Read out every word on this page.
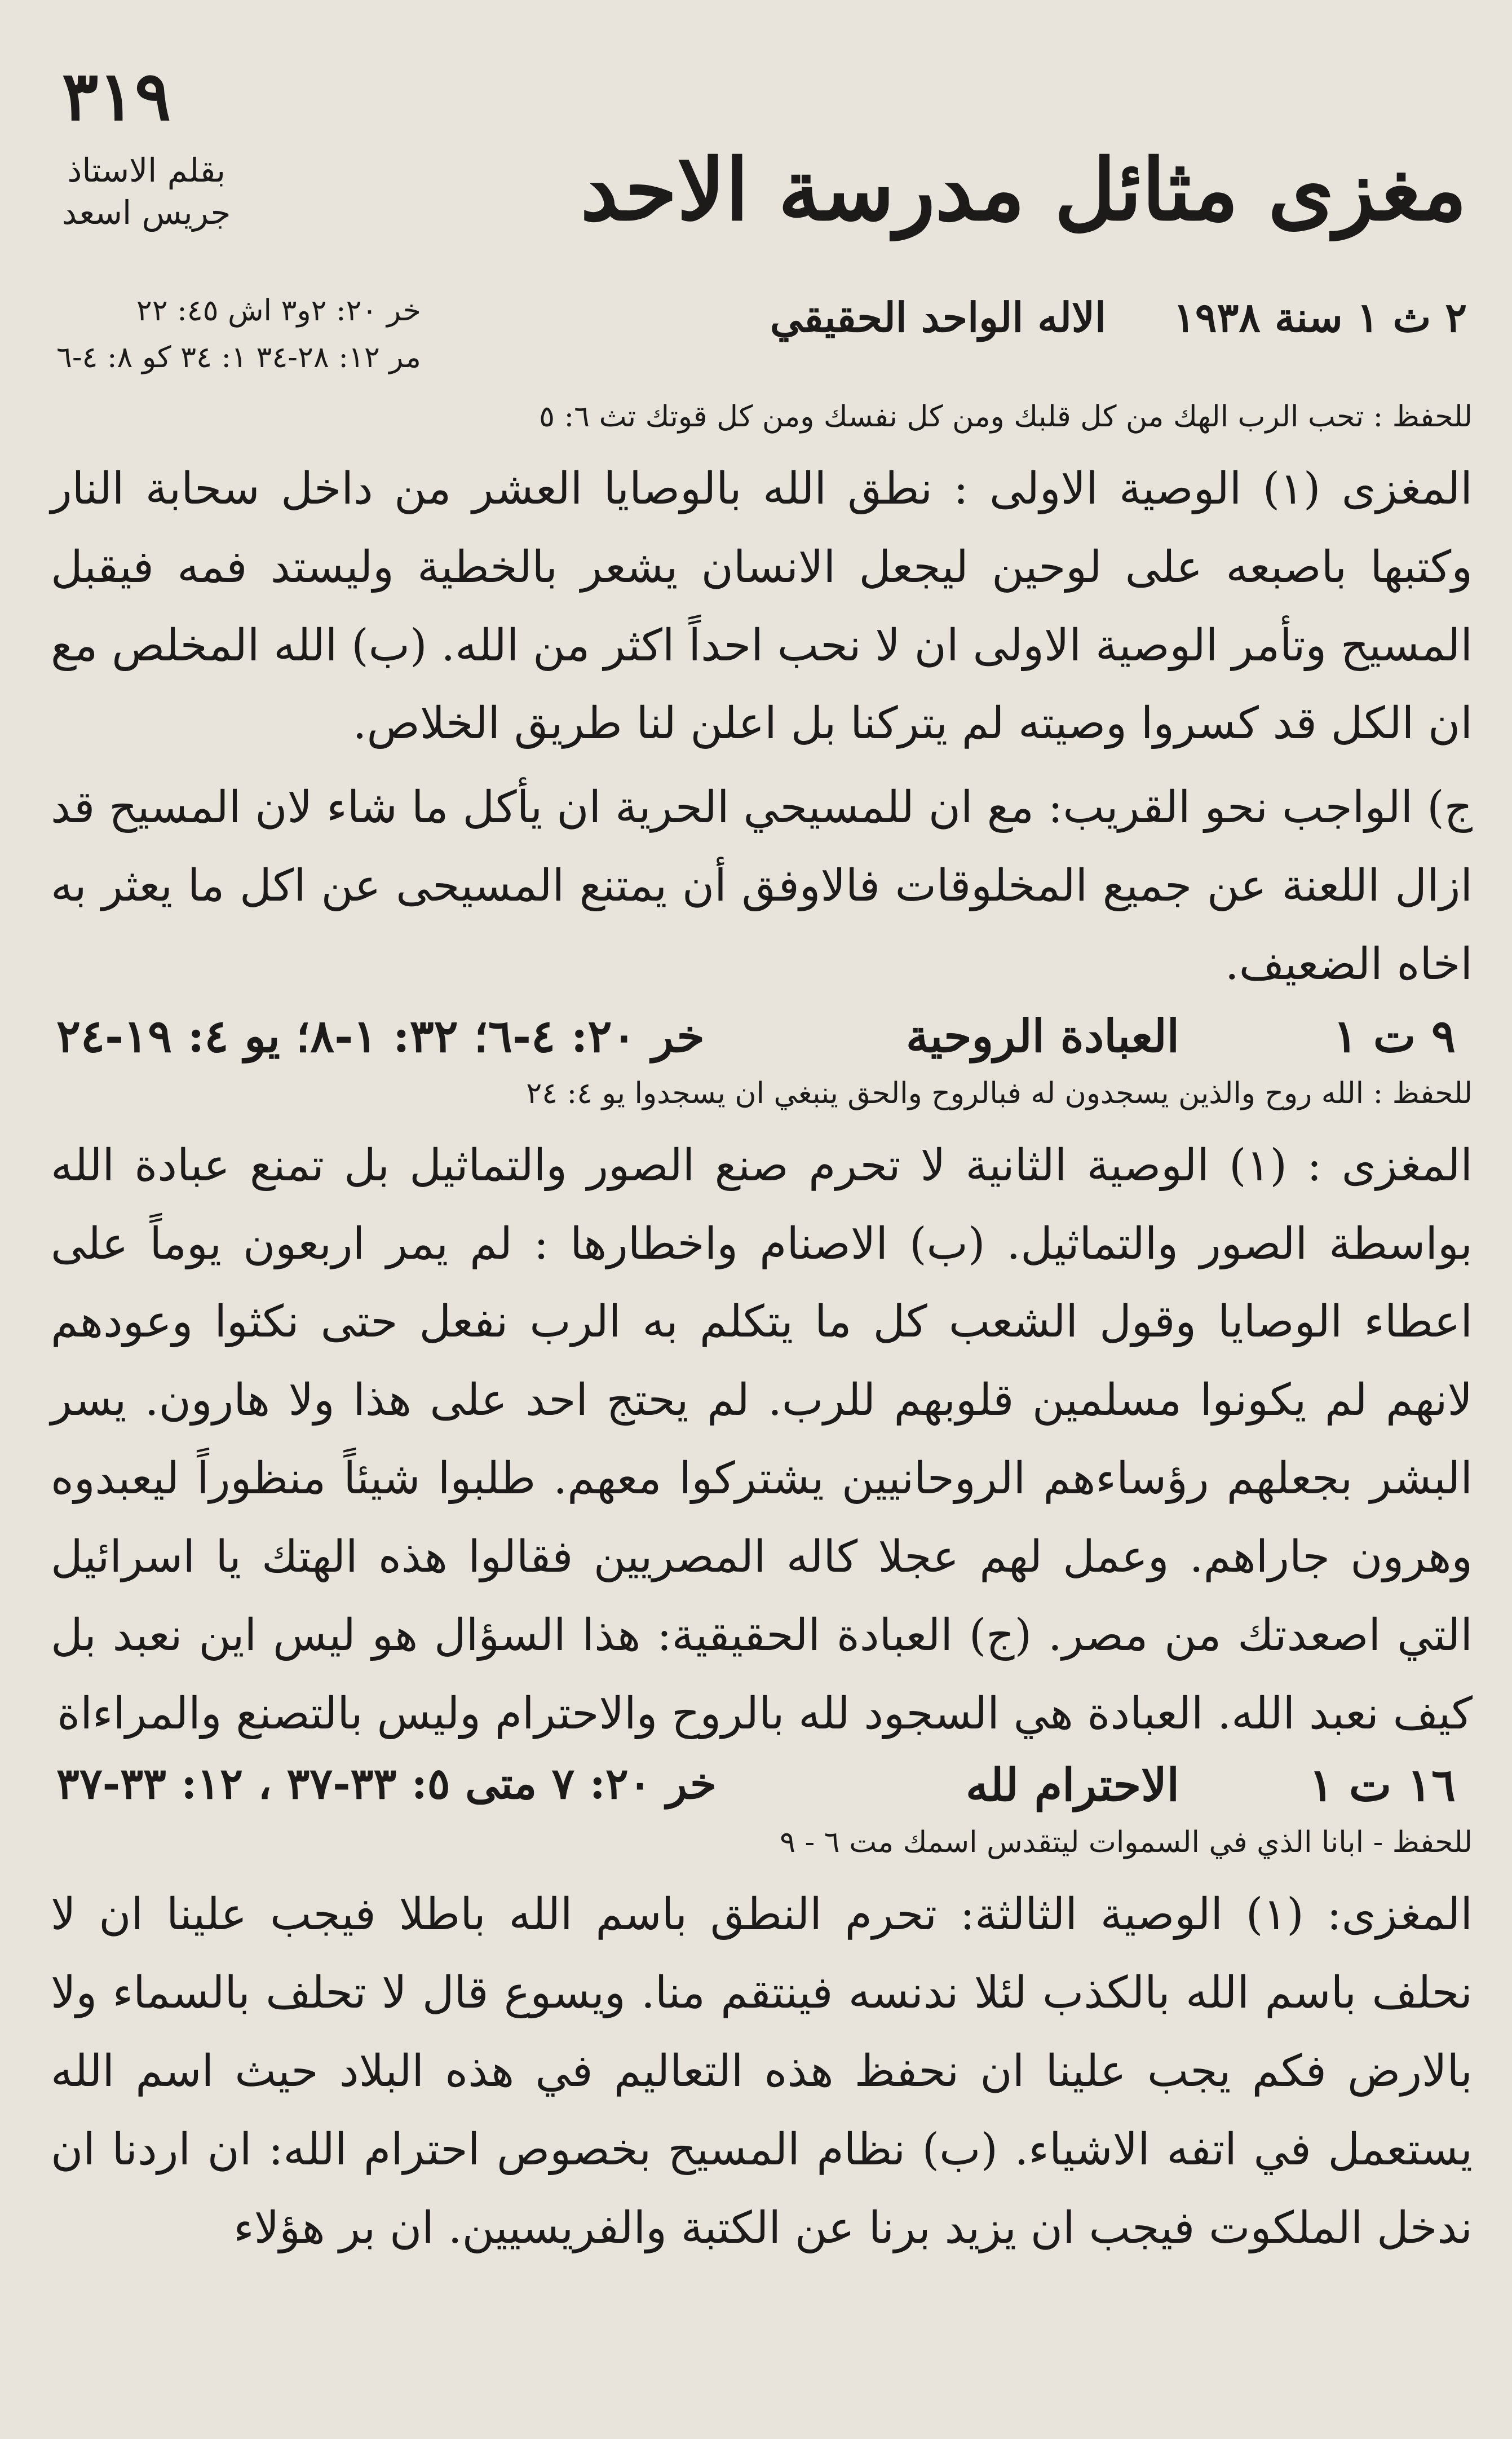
٣١٩
بقلم الاستاذ
جريس اسعد	مغزى مثائل مدرسة الاحد
٢ ث ١ سنة ١٩٣٨
الاله الواحد الحقيقي
خر ٢٠: ٢و٣ اش ٤٥: ٢٢
مر ١٢: ٢٨-٣٤ ١: ٣٤ كو ٨: ٤-٦

للحفظ : تحب الرب الهك من كل قلبك ومن كل نفسك ومن كل قوتك تث ٦: ٥

المغزى (١) الوصية الاولى : نطق الله بالوصايا العشر من داخل سحابة النار وكتبها باصبعه على لوحين ليجعل الانسان يشعر بالخطية وليستد فمه فيقبل المسيح وتأمر الوصية الاولى ان لا نحب احداً اكثر من الله. (ب) الله المخلص مع ان الكل قد كسروا وصيته لم يتركنا بل اعلن لنا طريق الخلاص.

ج) الواجب نحو القريب: مع ان للمسيحي الحرية ان يأكل ما شاء لان المسيح قد ازال اللعنة عن جميع المخلوقات فالاوفق أن يمتنع المسيحى عن اكل ما يعثر به اخاه الضعيف.

٩ ت ١
العبادة الروحية
خر ٢٠: ٤-٦؛ ٣٢: ١-٨؛ يو ٤: ١٩-٢٤

للحفظ : الله روح والذين يسجدون له فبالروح والحق ينبغي ان يسجدوا يو ٤: ٢٤

المغزى : (١) الوصية الثانية لا تحرم صنع الصور والتماثيل بل تمنع عبادة الله بواسطة الصور والتماثيل. (ب) الاصنام واخطارها : لم يمر اربعون يوماً على اعطاء الوصايا وقول الشعب كل ما يتكلم به الرب نفعل حتى نكثوا وعودهم لانهم لم يكونوا مسلمين قلوبهم للرب. لم يحتج احد على هذا ولا هارون. يسر البشر بجعلهم رؤساءهم الروحانيين يشتركوا معهم. طلبوا شيئاً منظوراً ليعبدوه وهرون جاراهم. وعمل لهم عجلا كاله المصريين فقالوا هذه الهتك يا اسرائيل التي اصعدتك من مصر. (ج) العبادة الحقيقية: هذا السؤال هو ليس اين نعبد بل كيف نعبد الله. العبادة هي السجود لله بالروح والاحترام وليس بالتصنع والمراءاة

١٦ ت ١
الاحترام لله
خر ٢٠: ٧ متى ٥: ٣٣-٣٧ ، ١٢: ٣٣-٣٧

للحفظ - ابانا الذي في السموات ليتقدس اسمك مت ٦ - ٩

المغزى: (١) الوصية الثالثة: تحرم النطق باسم الله باطلا فيجب علينا ان لا نحلف باسم الله بالكذب لئلا ندنسه فينتقم منا. ويسوع قال لا تحلف بالسماء ولا بالارض فكم يجب علينا ان نحفظ هذه التعاليم في هذه البلاد حيث اسم الله يستعمل في اتفه الاشياء. (ب) نظام المسيح بخصوص احترام الله: ان اردنا ان ندخل الملكوت فيجب ان يزيد برنا عن الكتبة والفريسيين. ان بر هؤلاء
